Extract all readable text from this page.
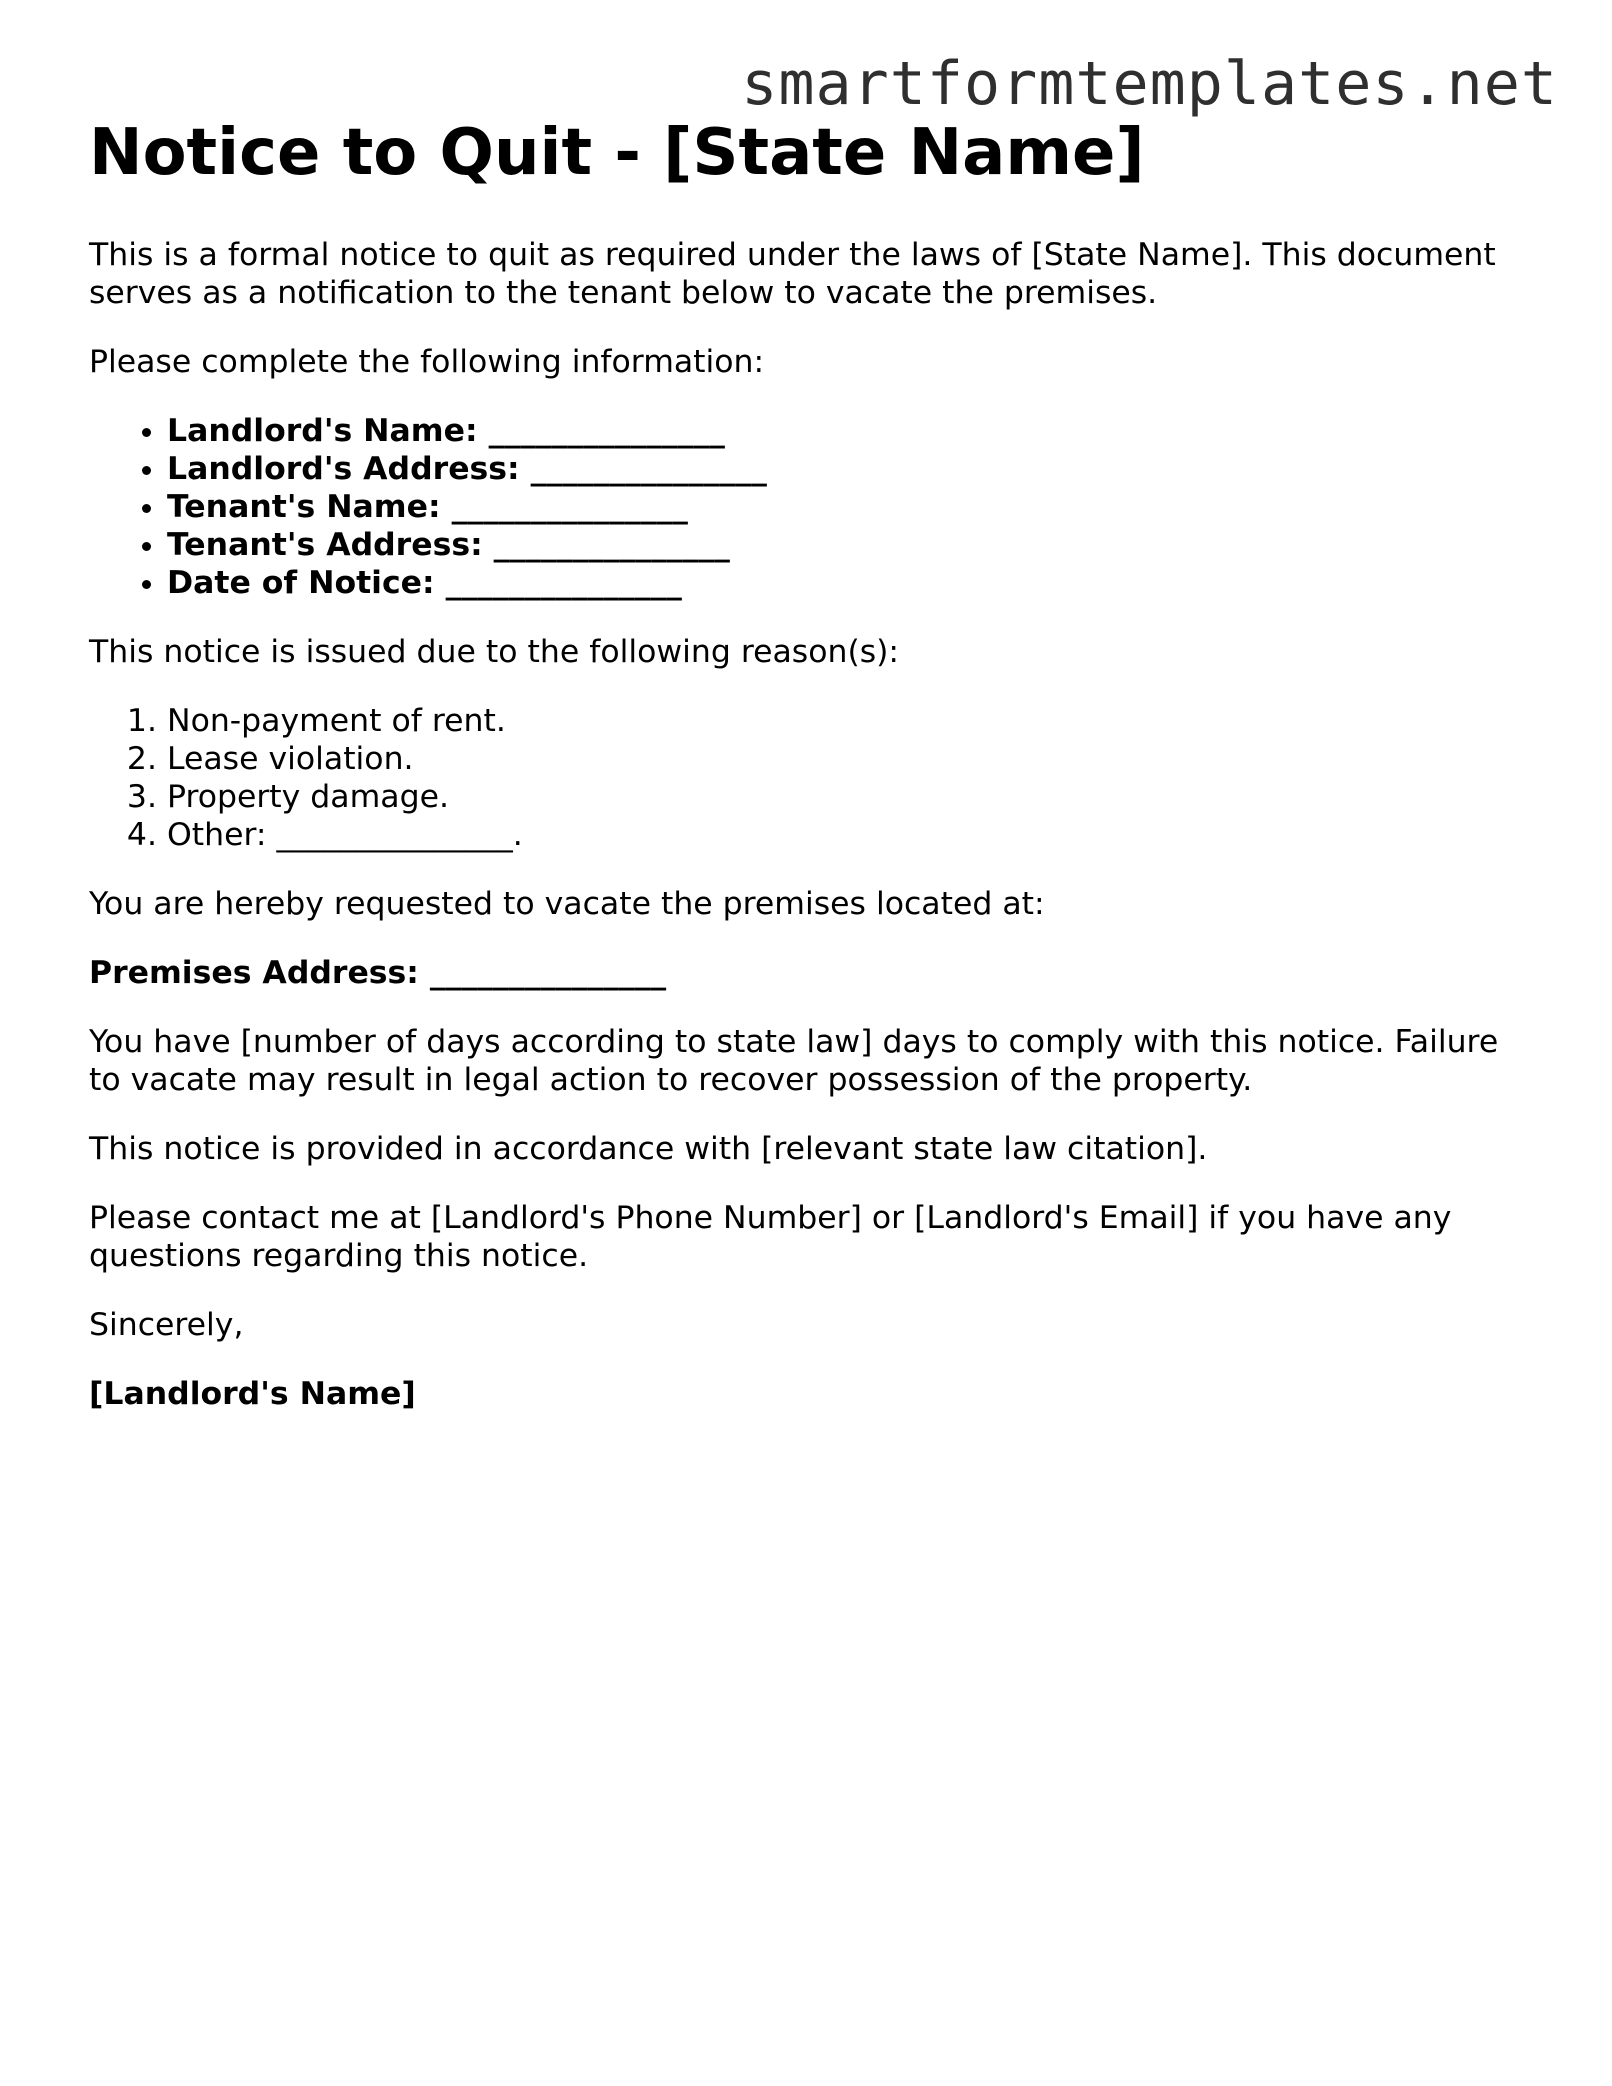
smartformtemplates.net
Notice to Quit - [State Name]

This is a formal notice to quit as required under the laws of [State Name]. This document serves as a notification to the tenant below to vacate the premises.

Please complete the following information:

• Landlord's Name: _______________
• Landlord's Address: _______________
• Tenant's Name: _______________
• Tenant's Address: _______________
• Date of Notice: _______________

This notice is issued due to the following reason(s):

1. Non-payment of rent.
2. Lease violation.
3. Property damage.
4. Other: _______________.

You are hereby requested to vacate the premises located at:

Premises Address: _______________

You have [number of days according to state law] days to comply with this notice. Failure to vacate may result in legal action to recover possession of the property.

This notice is provided in accordance with [relevant state law citation].

Please contact me at [Landlord's Phone Number] or [Landlord's Email] if you have any questions regarding this notice.

Sincerely,

[Landlord's Name]
